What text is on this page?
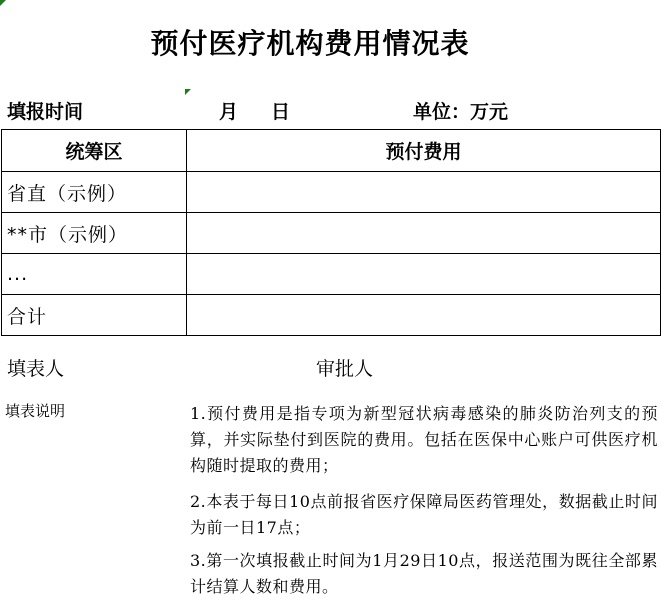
预付医疗机构费用情况表
填报时间	月 日	单位：万元
统筹区	预付费用
省直（示例）	
**市（示例）	
...	
合计	
填表人	审批人
填表说明	1.预付费用是指专项为新型冠状病毒感染的肺炎防治列支的预算，并实际垫付到医院的费用。包括在医保中心账户可供医疗机构随时提取的费用；
2.本表于每日10点前报省医疗保障局医药管理处，数据截止时间为前一日17点；
3.第一次填报截止时间为1月29日10点，报送范围为既往全部累计结算人数和费用。
